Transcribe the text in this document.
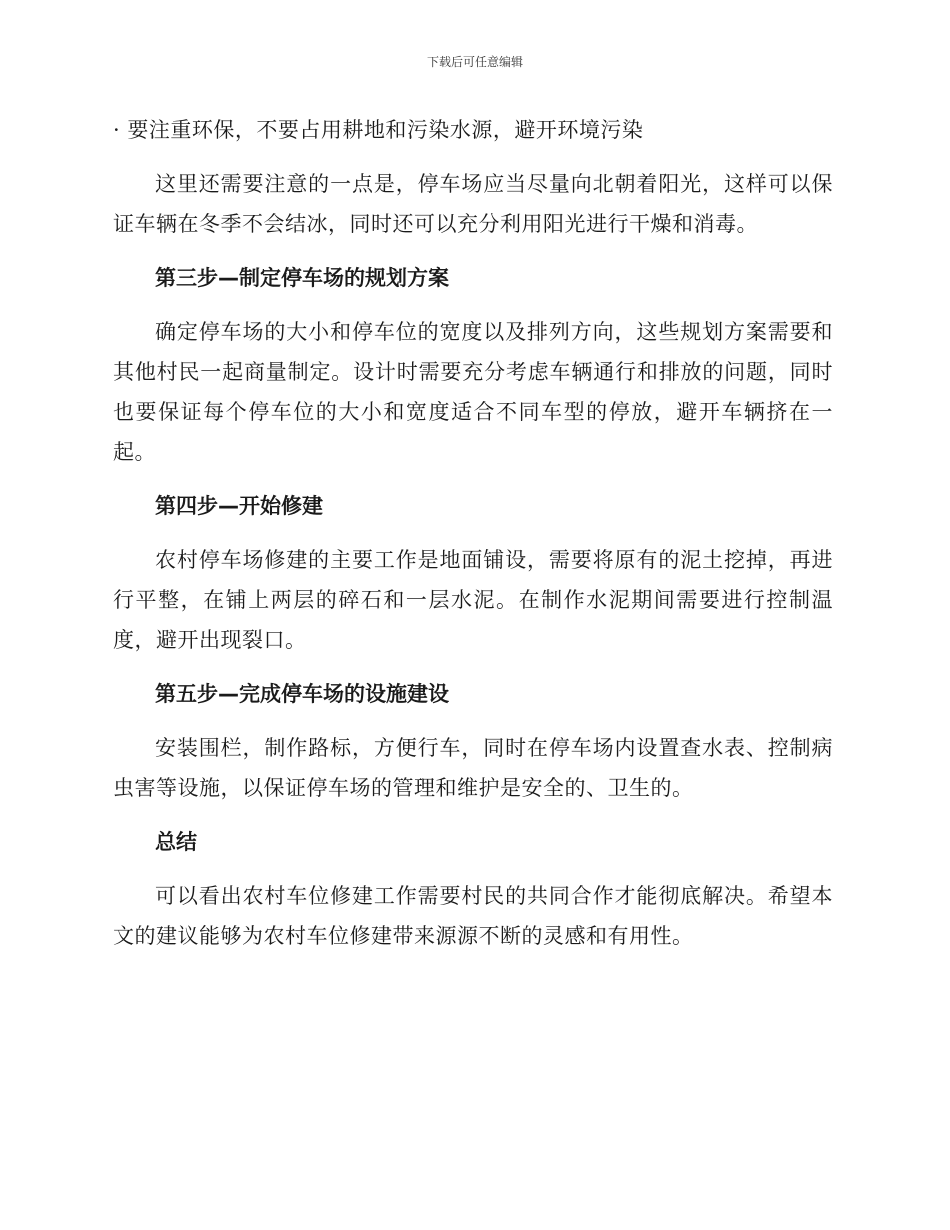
下载后可任意编辑

· 要注重环保，不要占用耕地和污染水源，避开环境污染

这里还需要注意的一点是，停车场应当尽量向北朝着阳光，这样可以保证车辆在冬季不会结冰，同时还可以充分利用阳光进行干燥和消毒。

第三步—制定停车场的规划方案

确定停车场的大小和停车位的宽度以及排列方向，这些规划方案需要和其他村民一起商量制定。设计时需要充分考虑车辆通行和排放的问题，同时也要保证每个停车位的大小和宽度适合不同车型的停放，避开车辆挤在一起。

第四步—开始修建

农村停车场修建的主要工作是地面铺设，需要将原有的泥土挖掉，再进行平整，在铺上两层的碎石和一层水泥。在制作水泥期间需要进行控制温度，避开出现裂口。

第五步—完成停车场的设施建设

安装围栏，制作路标，方便行车，同时在停车场内设置查水表、控制病虫害等设施，以保证停车场的管理和维护是安全的、卫生的。

总结

可以看出农村车位修建工作需要村民的共同合作才能彻底解决。希望本文的建议能够为农村车位修建带来源源不断的灵感和有用性。
